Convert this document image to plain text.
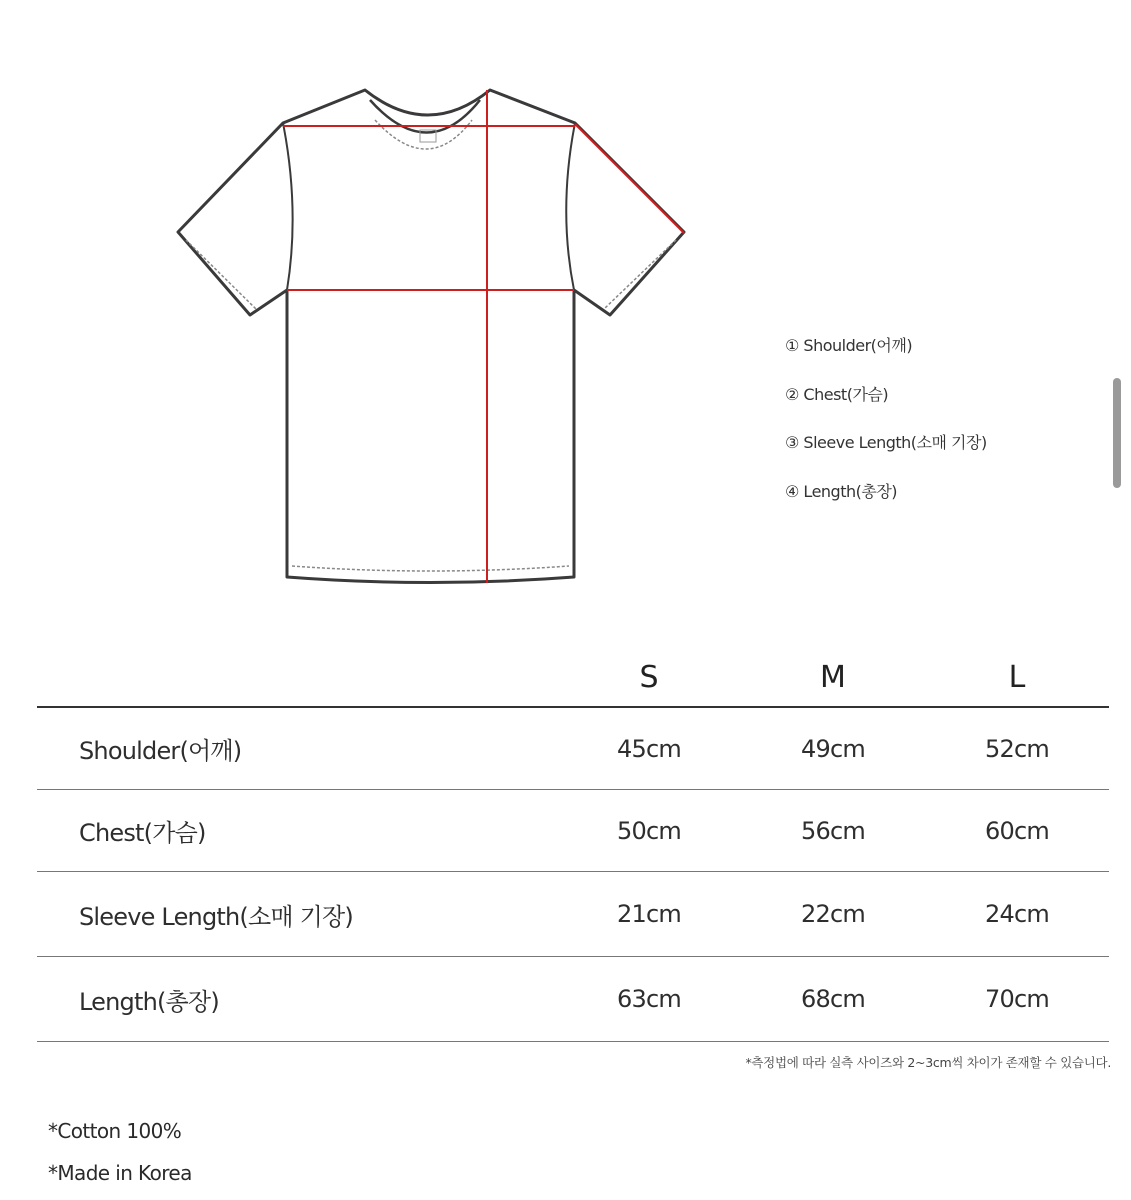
① Shoulder(어깨)
② Chest(가슴)
③ Sleeve Length(소매 기장)
④ Length(총장)
	S	M	L
Shoulder(어깨)	45cm	49cm	52cm
Chest(가슴)	50cm	56cm	60cm
Sleeve Length(소매 기장)	21cm	22cm	24cm
Length(총장)	63cm	68cm	70cm
*측정법에 따라 실측 사이즈와 2~3cm씩 차이가 존재할 수 있습니다.
*Cotton 100%
*Made in Korea
